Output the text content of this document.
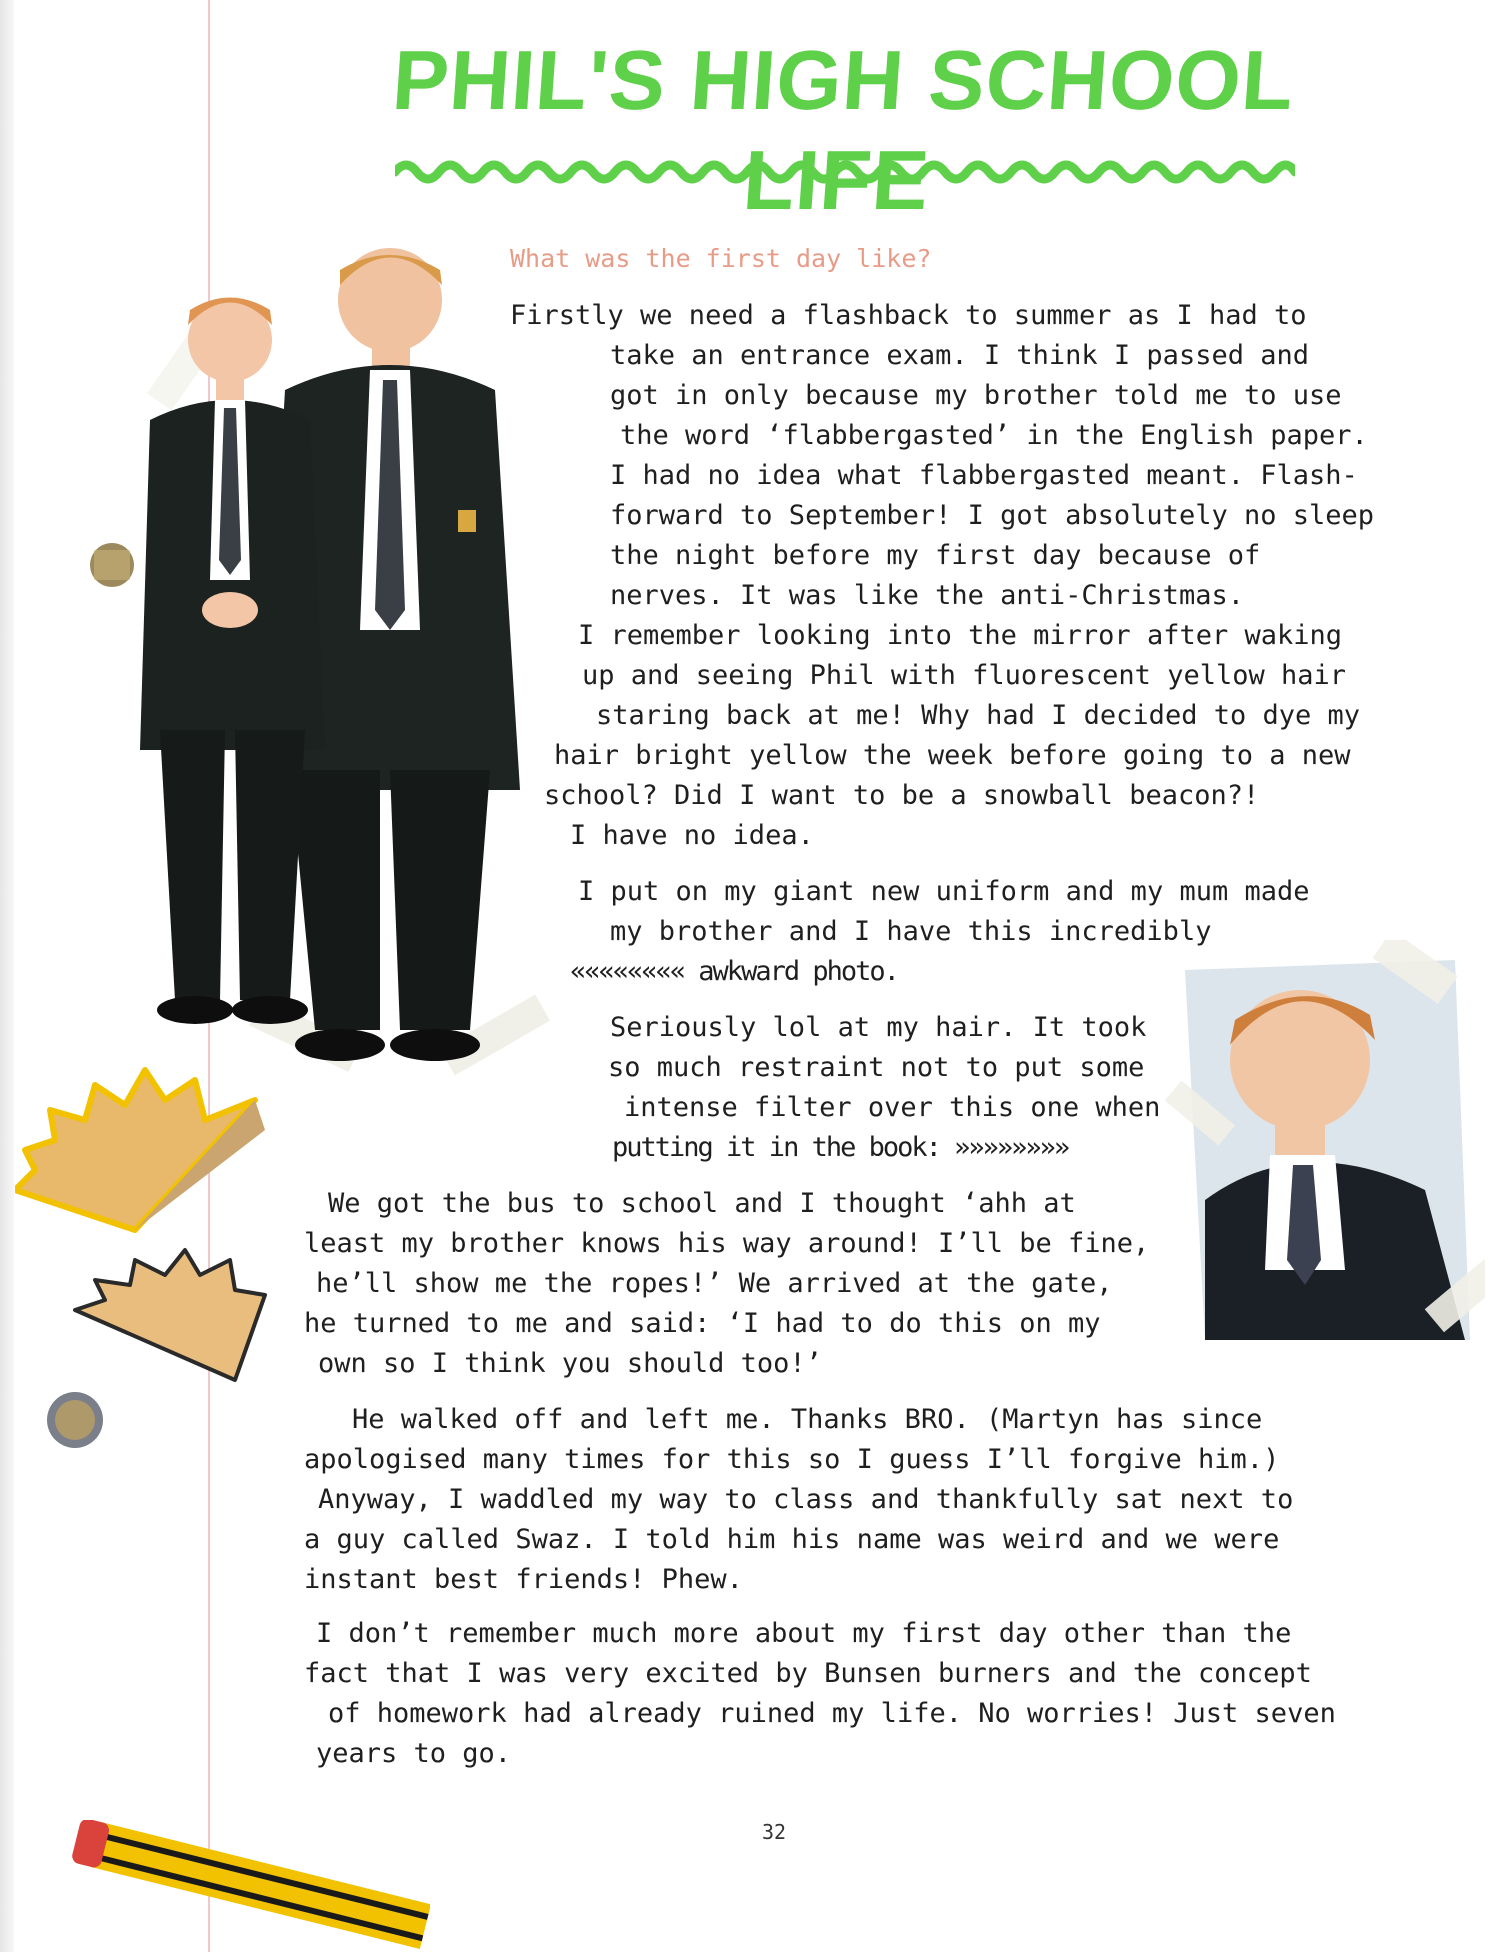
PHIL'S HIGH SCHOOL LIFE
What was the first day like?

Firstly we need a flashback to summer as I had to
take an entrance exam. I think I passed and
got in only because my brother told me to use
the word ‘flabbergasted’ in the English paper.
I had no idea what flabbergasted meant. Flash-
forward to September! I got absolutely no sleep
the night before my first day because of
nerves. It was like the anti-Christmas.
I remember looking into the mirror after waking
up and seeing Phil with fluorescent yellow hair
staring back at me! Why had I decided to dye my
hair bright yellow the week before going to a new
school? Did I want to be a snowball beacon?!
I have no idea.

I put on my giant new uniform and my mum made
my brother and I have this incredibly
«««««««« awkward photo.

Seriously lol at my hair. It took
so much restraint not to put some
intense filter over this one when
putting it in the book: »»»»»»»»

We got the bus to school and I thought ‘ahh at
least my brother knows his way around! I’ll be fine,
he’ll show me the ropes!’ We arrived at the gate,
he turned to me and said: ‘I had to do this on my
own so I think you should too!’

He walked off and left me. Thanks BRO. (Martyn has since
apologised many times for this so I guess I’ll forgive him.)
Anyway, I waddled my way to class and thankfully sat next to
a guy called Swaz. I told him his name was weird and we were
instant best friends! Phew.

I don’t remember much more about my first day other than the
fact that I was very excited by Bunsen burners and the concept
of homework had already ruined my life. No worries! Just seven
years to go.

32
